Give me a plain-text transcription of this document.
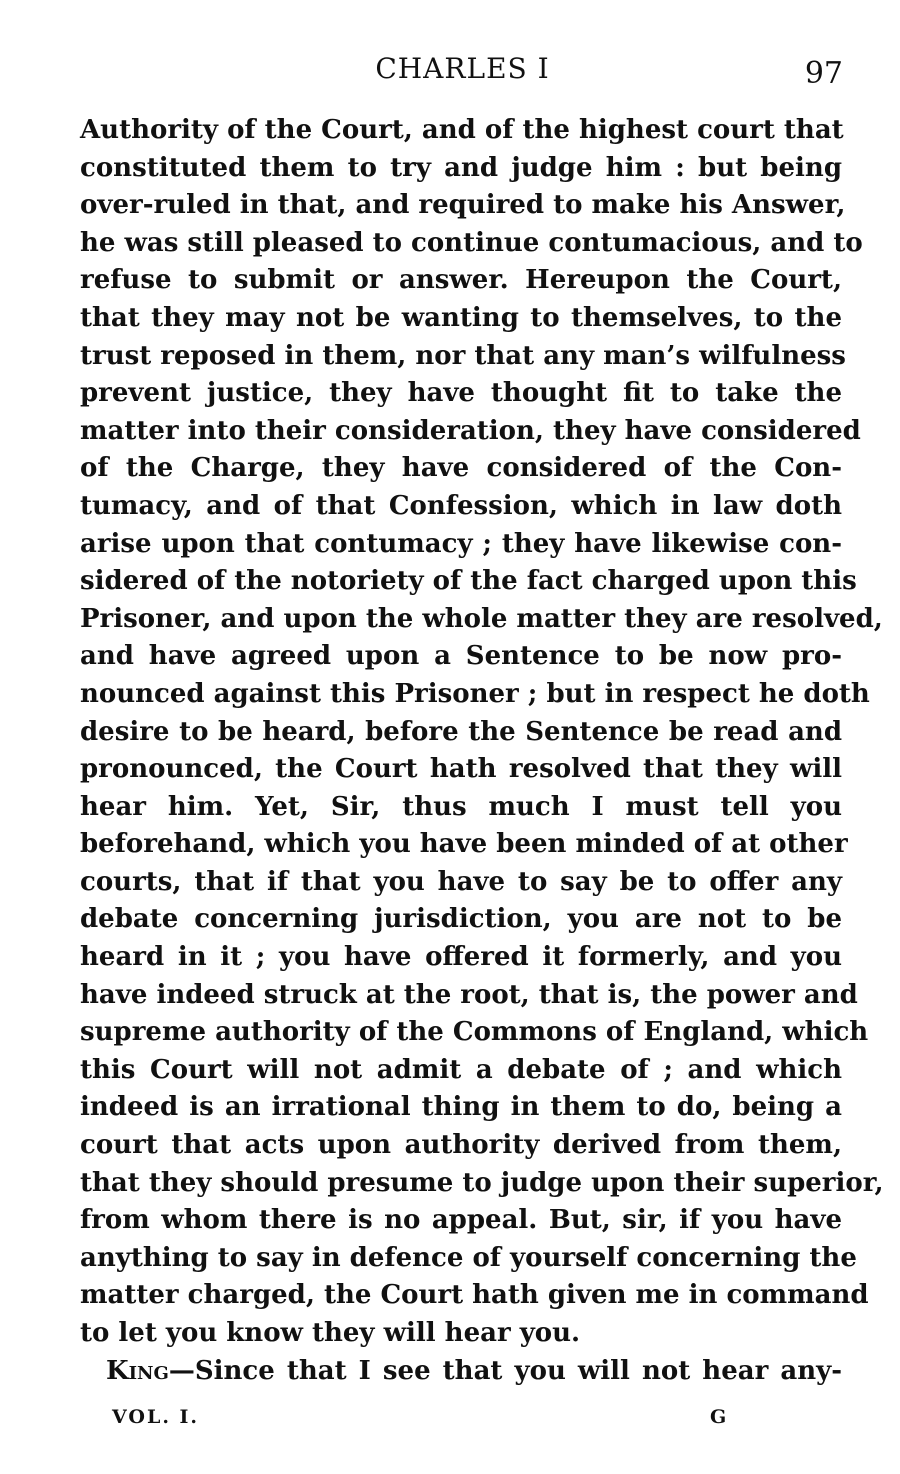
CHARLES I	97
Authority of the Court, and of the highest court that
constituted them to try and judge him : but being
over-ruled in that, and required to make his Answer,
he was still pleased to continue contumacious, and to
refuse to submit or answer. Hereupon the Court,
that they may not be wanting to themselves, to the
trust reposed in them, nor that any man’s wilfulness
prevent justice, they have thought fit to take the
matter into their consideration, they have considered
of the Charge, they have considered of the Con-
tumacy, and of that Confession, which in law doth
arise upon that contumacy ; they have likewise con-
sidered of the notoriety of the fact charged upon this
Prisoner, and upon the whole matter they are resolved,
and have agreed upon a Sentence to be now pro-
nounced against this Prisoner ; but in respect he doth
desire to be heard, before the Sentence be read and
pronounced, the Court hath resolved that they will
hear him. Yet, Sir, thus much I must tell you
beforehand, which you have been minded of at other
courts, that if that you have to say be to offer any
debate concerning jurisdiction, you are not to be
heard in it ; you have offered it formerly, and you
have indeed struck at the root, that is, the power and
supreme authority of the Commons of England, which
this Court will not admit a debate of ; and which
indeed is an irrational thing in them to do, being a
court that acts upon authority derived from them,
that they should presume to judge upon their superior,
from whom there is no appeal. But, sir, if you have
anything to say in defence of yourself concerning the
matter charged, the Court hath given me in command
to let you know they will hear you.
King—Since that I see that you will not hear any-
VOL. I.	G
